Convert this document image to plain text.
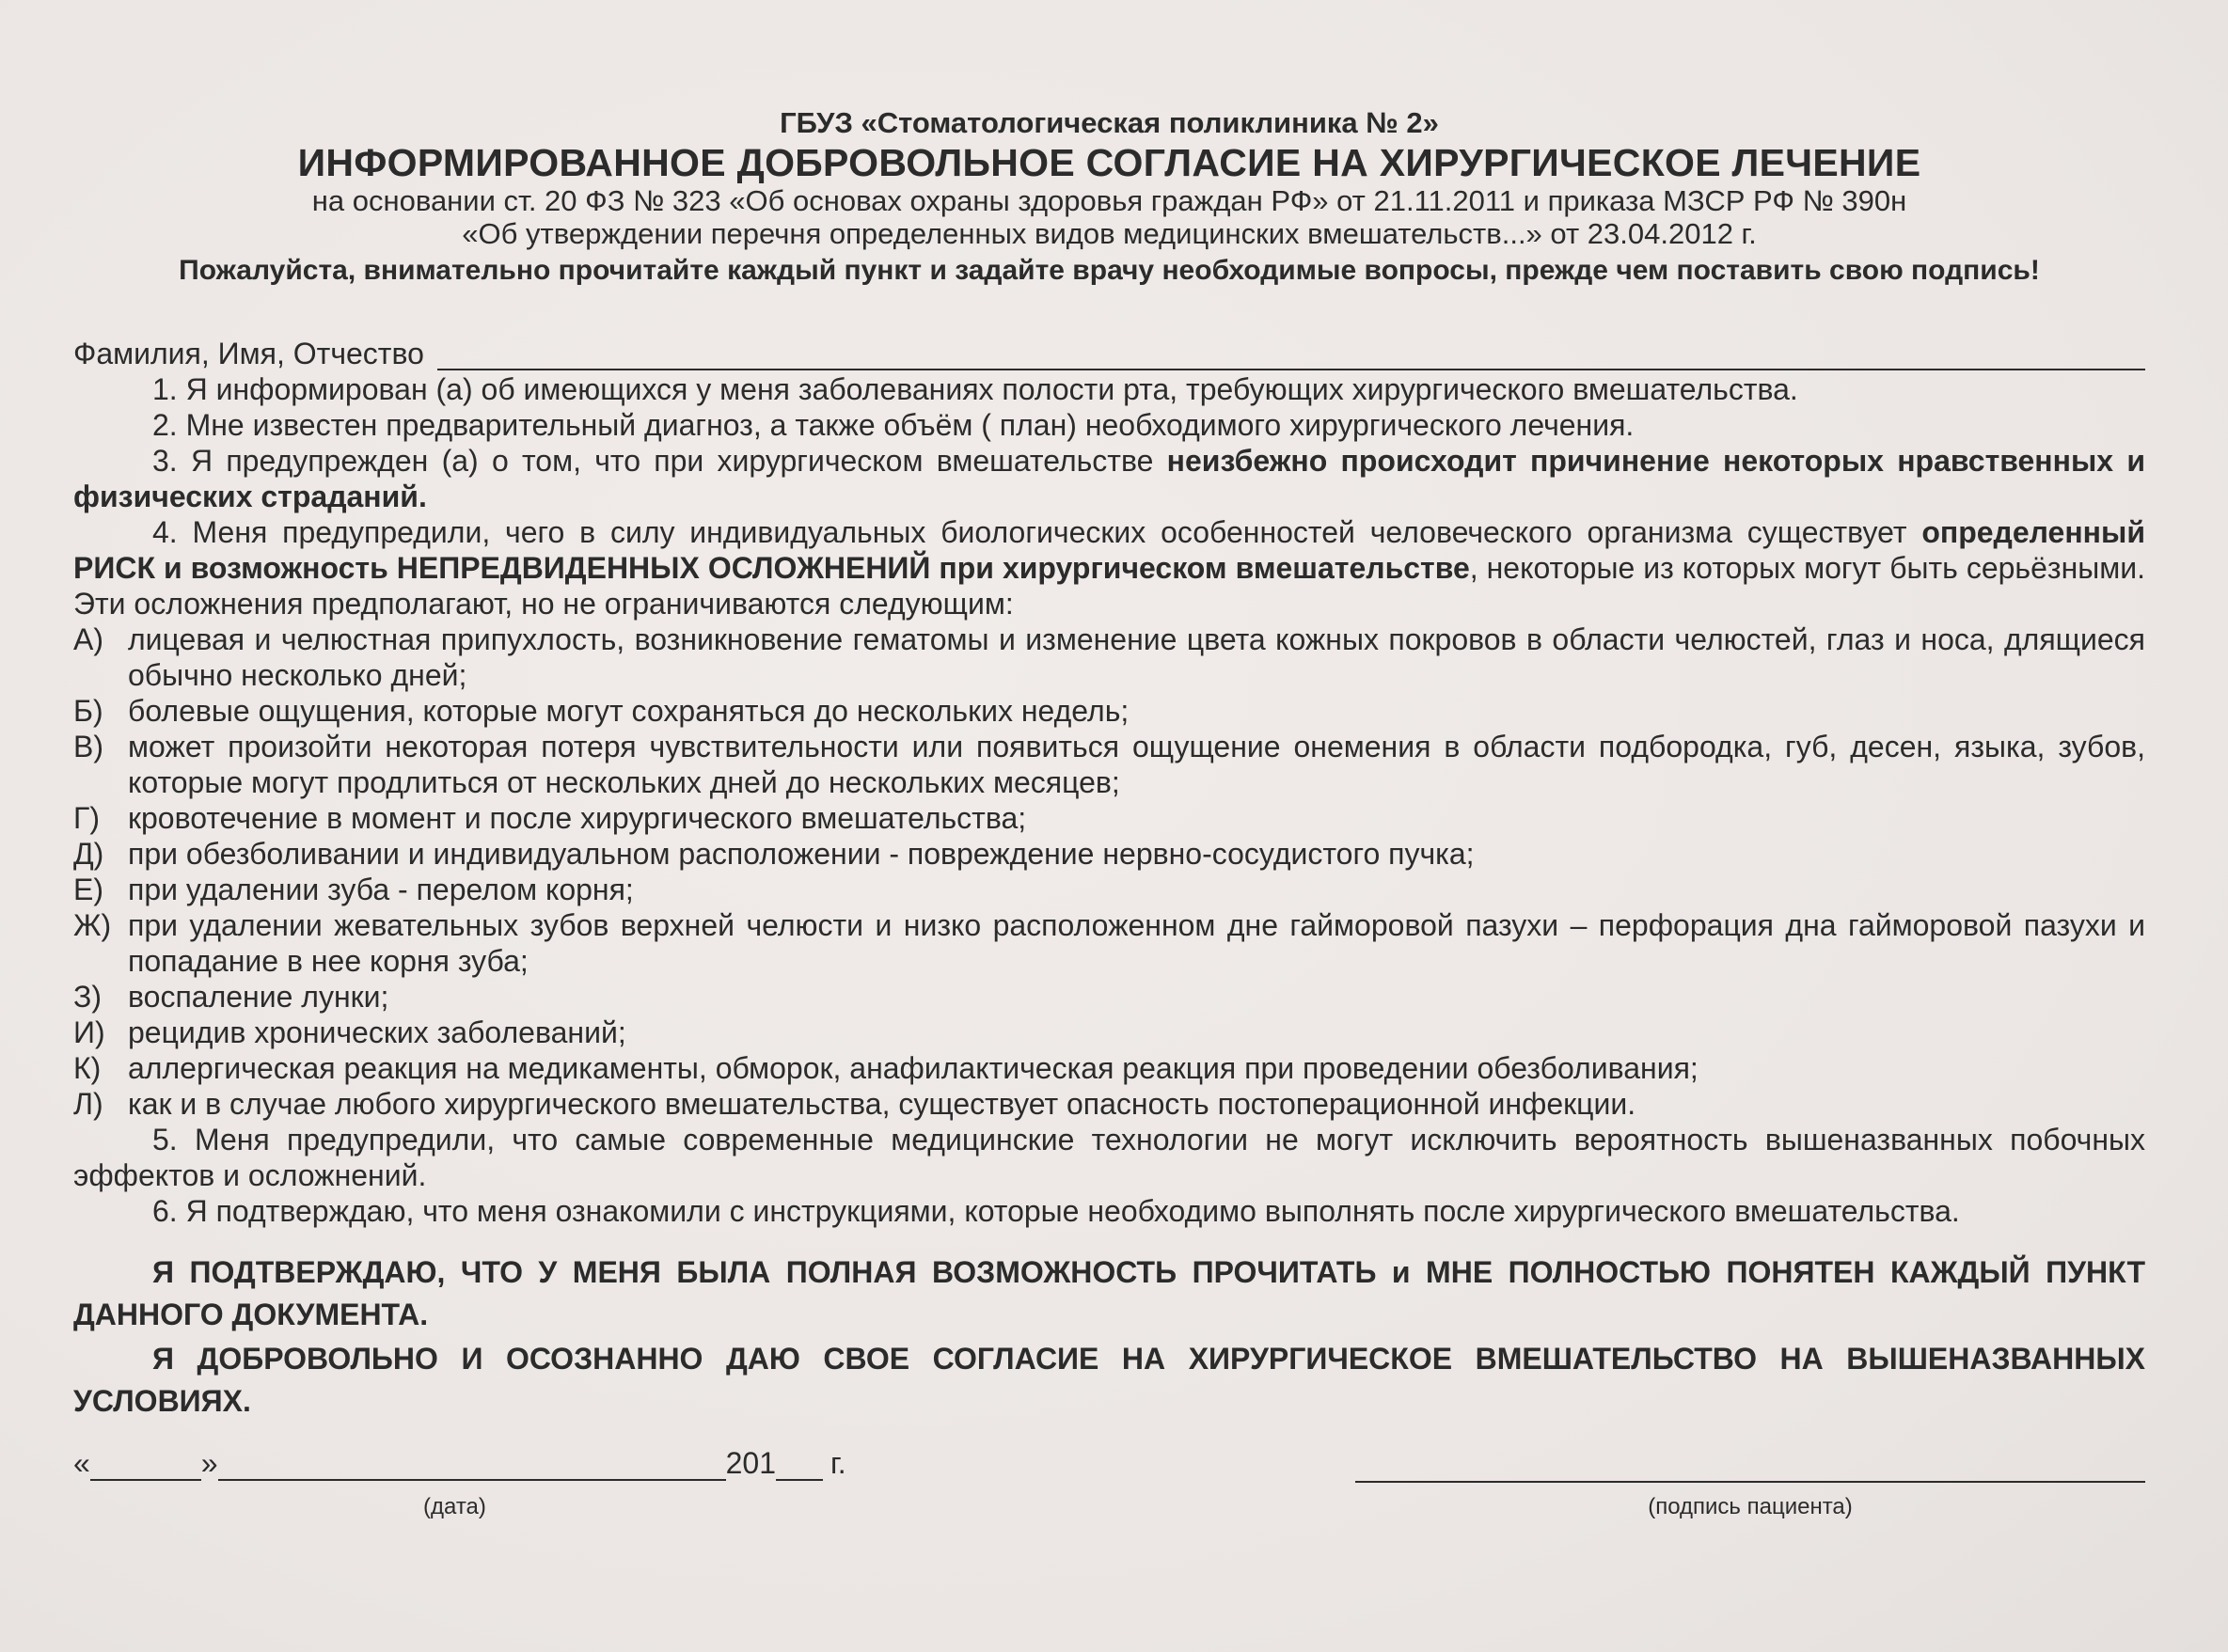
ГБУЗ «Стоматологическая поликлиника № 2»
ИНФОРМИРОВАННОЕ ДОБРОВОЛЬНОЕ СОГЛАСИЕ НА ХИРУРГИЧЕСКОЕ ЛЕЧЕНИЕ
на основании ст. 20 ФЗ № 323 «Об основах охраны здоровья граждан РФ» от 21.11.2011 и приказа МЗСР РФ № 390н
«Об утверждении перечня определенных видов медицинских вмешательств...» от 23.04.2012 г.
Пожалуйста, внимательно прочитайте каждый пункт и задайте врачу необходимые вопросы, прежде чем поставить свою подпись!
Фамилия, Имя, Отчество
1. Я информирован (а) об имеющихся у меня заболеваниях полости рта, требующих хирургического вмешательства.
2. Мне известен предварительный диагноз, а также объём ( план) необходимого хирургического лечения.
3. Я предупрежден (а) о том, что при хирургическом вмешательстве неизбежно происходит причинение некоторых нравственных и физических страданий.
4. Меня предупредили, чего в силу индивидуальных биологических особенностей человеческого организма существует определенный РИСК и возможность НЕПРЕДВИДЕННЫХ ОСЛОЖНЕНИЙ при хирургическом вмешательстве, некоторые из которых могут быть серьёзными. Эти осложнения предполагают, но не ограничиваются следующим:
А) лицевая и челюстная припухлость, возникновение гематомы и изменение цвета кожных покровов в области челюстей, глаз и носа, длящиеся обычно несколько дней;
Б) болевые ощущения, которые могут сохраняться до нескольких недель;
В) может произойти некоторая потеря чувствительности или появиться ощущение онемения в области подбородка, губ, десен, языка, зубов, которые могут продлиться от нескольких дней до нескольких месяцев;
Г) кровотечение в момент и после хирургического вмешательства;
Д) при обезболивании и индивидуальном расположении - повреждение нервно-сосудистого пучка;
Е) при удалении зуба - перелом корня;
Ж) при удалении жевательных зубов верхней челюсти и низко расположенном дне гайморовой пазухи – перфорация дна гайморовой пазухи и попадание в нее корня зуба;
З) воспаление лунки;
И) рецидив хронических заболеваний;
К) аллергическая реакция на медикаменты, обморок, анафилактическая реакция при проведении обезболивания;
Л) как и в случае любого хирургического вмешательства, существует опасность постоперационной инфекции.
5. Меня предупредили, что самые современные медицинские технологии не могут исключить вероятность вышеназванных побочных эффектов и осложнений.
6. Я подтверждаю, что меня ознакомили с инструкциями, которые необходимо выполнять после хирургического вмешательства.
Я ПОДТВЕРЖДАЮ, ЧТО У МЕНЯ БЫЛА ПОЛНАЯ ВОЗМОЖНОСТЬ ПРОЧИТАТЬ и МНЕ ПОЛНОСТЬЮ ПОНЯТЕН КАЖДЫЙ ПУНКТ ДАННОГО ДОКУМЕНТА.
Я ДОБРОВОЛЬНО И ОСОЗНАННО ДАЮ СВОЕ СОГЛАСИЕ НА ХИРУРГИЧЕСКОЕ ВМЕШАТЕЛЬСТВО НА ВЫШЕНАЗВАННЫХ УСЛОВИЯХ.
«	»	201 г.
(дата)	(подпись пациента)
